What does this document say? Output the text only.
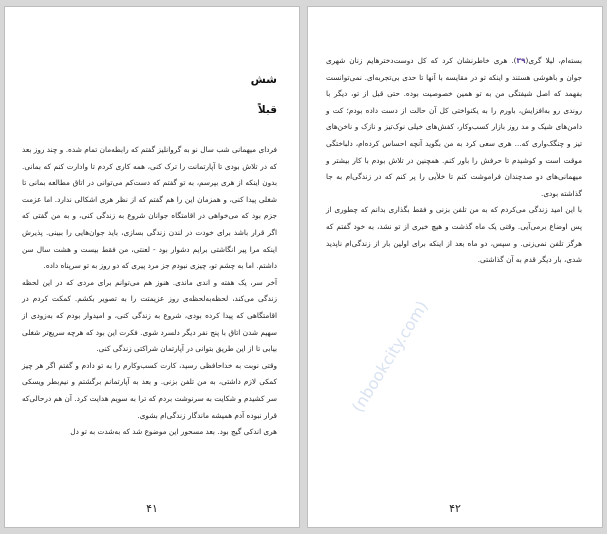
شش
قبلاً

فردای میهمانی شب سال نو به گروانلیز گفتم که رابطه‌مان تمام شده. و چند روز بعد که در تلاش بودی تا آپارتمانت را ترک کنی، همه کاری کردم تا وادارت کنم که بمانی. بدون اینکه از هری بپرسم، به تو گفتم که دست‌کم می‌توانی در اتاق مطالعه بمانی تا شغلی پیدا کنی، و همزمان این را هم گفتم که از نظر هری اشکالی ندارد. اما عزمت جزم بود که می‌خواهی در اقامتگاه جوانان شروع به زندگی کنی، و به من گفتی که اگر قرار باشد برای خودت در لندن زندگی بسازی، باید جوان‌هایی را ببینی. پذیرش اینکه مرا پیر انگاشتی برایم دشوار بود - لعنتی، من فقط بیست و هشت سال سن داشتم. اما به چشم تو، چیزی نبودم جز مرد پیری که دو روز به تو سرپناه داده.

آخر سر، یک هفته و اندی ماندی. هنوز هم می‌توانم برای مردی که در این لحظه زندگی می‌کند، لحظه‌به‌لحظه‌ی روز عزیمتت را به تصویر بکشم. کمکت کردم در اقامتگاهی که پیدا کرده بودی، شروع به زندگی کنی، و امیدوار بودم که به‌زودی از سهیم شدن اتاق با پنج نفر دیگر دلسرد شوی. فکرت این بود که هرچه سریع‌تر شغلی بیابی تا از این طریق بتوانی در آپارتمان شراکتی زندگی کنی.

وقتی نوبت به خداحافظی رسید، کارت کسب‌وکارم را به تو دادم و گفتم اگر هر چیز کمکی لازم داشتی، به من تلفن بزنی. و بعد به آپارتمانم برگشتم و نیم‌بطر ویسکی سر کشیدم و شکایت به سرنوشت بردم که ترا به سویم هدایت کرد. آن هم درحالی‌که قرار نبوده آدم همیشه ماندگار زندگی‌ام بشوی.

هری اندکی گیج بود. بعد مسحور این موضوع شد که به‌شدت به تو دل

۴۱
(nbookcity.com)

بسته‌ام، لیلا گری(۳۹). هری خاطرنشان کرد که کل دوست‌دخترهایم زنان شهری جوان و باهوشی هستند و اینکه تو در مقایسه با آنها تا حدی بی‌تجربه‌ای. نمی‌توانست بفهمد که اصل شیفتگی من به تو همین خصوصیت بوده. حتی قبل از تو، دیگر با روندی رو به‌افزایش، باورم را به یکنواختی کل آن حالت از دست داده بودم؛ کت و دامن‌های شیک و مد روز بازار کسب‌وکار، کفش‌های خیلی نوک‌تیز و نازک و ناخن‌های تیز و چنگک‌واری که... هری سعی کرد به من بگوید آنچه احساس کرده‌ام، دلباختگی موقت است و کوشیدم تا حرفش را باور کنم. همچنین در تلاش بودم با کار بیشتر و میهمانی‌های دو صدچندان فراموشت کنم تا خلأیی را پر کنم که در زندگی‌ام به جا گذاشته بودی.

با این امید زندگی می‌کردم که به من تلفن بزنی و فقط بگذاری بدانم که چطوری از پس اوضاع برمی‌آیی. وقتی یک ماه گذشت و هیچ خبری از تو نشد، به خود گفتم که هرگز تلفن نمی‌زنی. و سپس، دو ماه بعد از اینکه برای اولین بار از زندگی‌ام ناپدید شدی، بار دیگر قدم به آن گذاشتی.

۴۲
